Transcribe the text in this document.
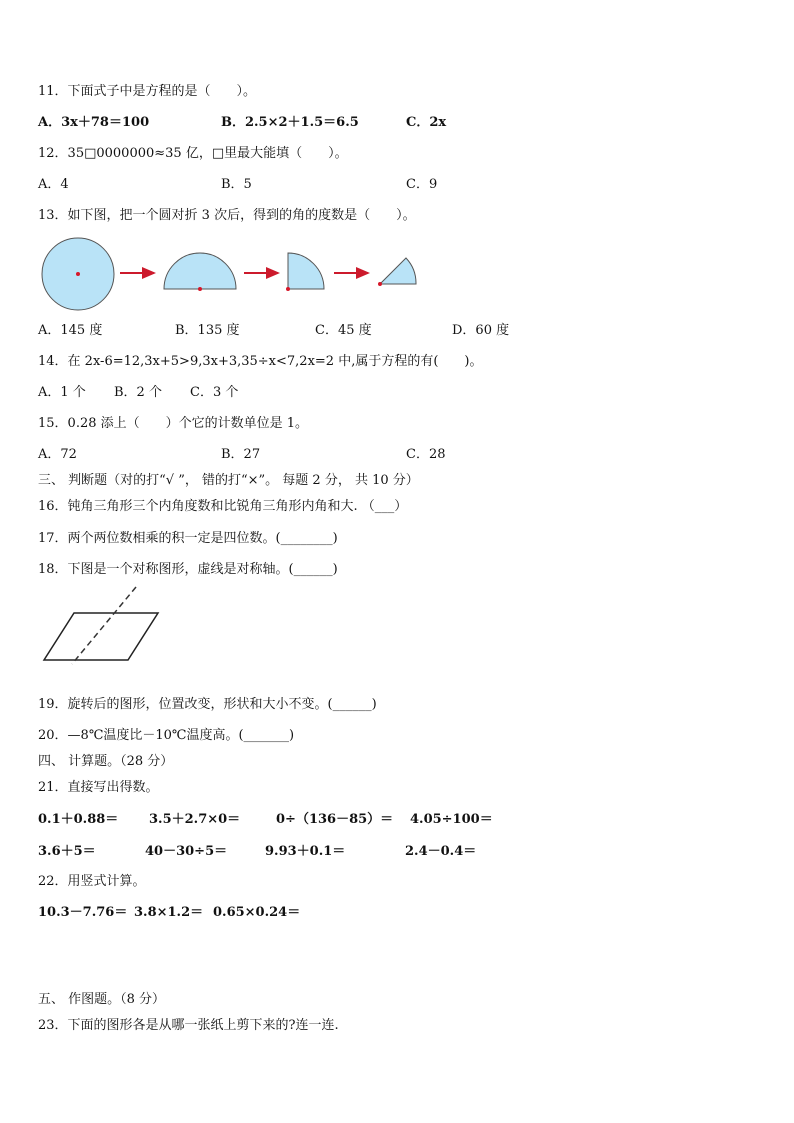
11．下面式子中是方程的是（　　）。
A．3x＋78＝100	B．2.5×2＋1.5＝6.5	C．2x
12．35□0000000≈35 亿，□里最大能填（　　）。
A．4	B．5	C．9
13．如下图，把一个圆对折 3 次后，得到的角的度数是（　　）。
A．145 度	B．135 度	C．45 度	D．60 度
14．在 2x-6=12,3x+5>9,3x+3,35÷x<7,2x=2 中,属于方程的有(　　)。
A．1 个 B．2 个 C．3 个
15．0.28 添上（　　）个它的计数单位是 1。
A．72	B．27	C．28
三、 判断题（对的打“√ ”， 错的打“×”。 每题 2 分， 共 10 分）
16．钝角三角形三个内角度数和比锐角三角形内角和大. （___）
17．两个两位数相乘的积一定是四位数。(________)
18．下图是一个对称图形，虚线是对称轴。(______)
19．旋转后的图形，位置改变，形状和大小不变。(______)
20．—8℃温度比－10℃温度高。(_______)
四、 计算题。（28 分）
21．直接写出得数。
0.1＋0.88＝ 3.5＋2.7×0＝	0÷（136－85）＝ 4.05÷100＝
3.6＋5＝	40－30÷5＝	9.93＋0.1＝	2.4－0.4＝
22．用竖式计算。
10.3－7.76＝ 3.8×1.2＝ 0.65×0.24＝
五、 作图题。（8 分）
23．下面的图形各是从哪一张纸上剪下来的?连一连.
